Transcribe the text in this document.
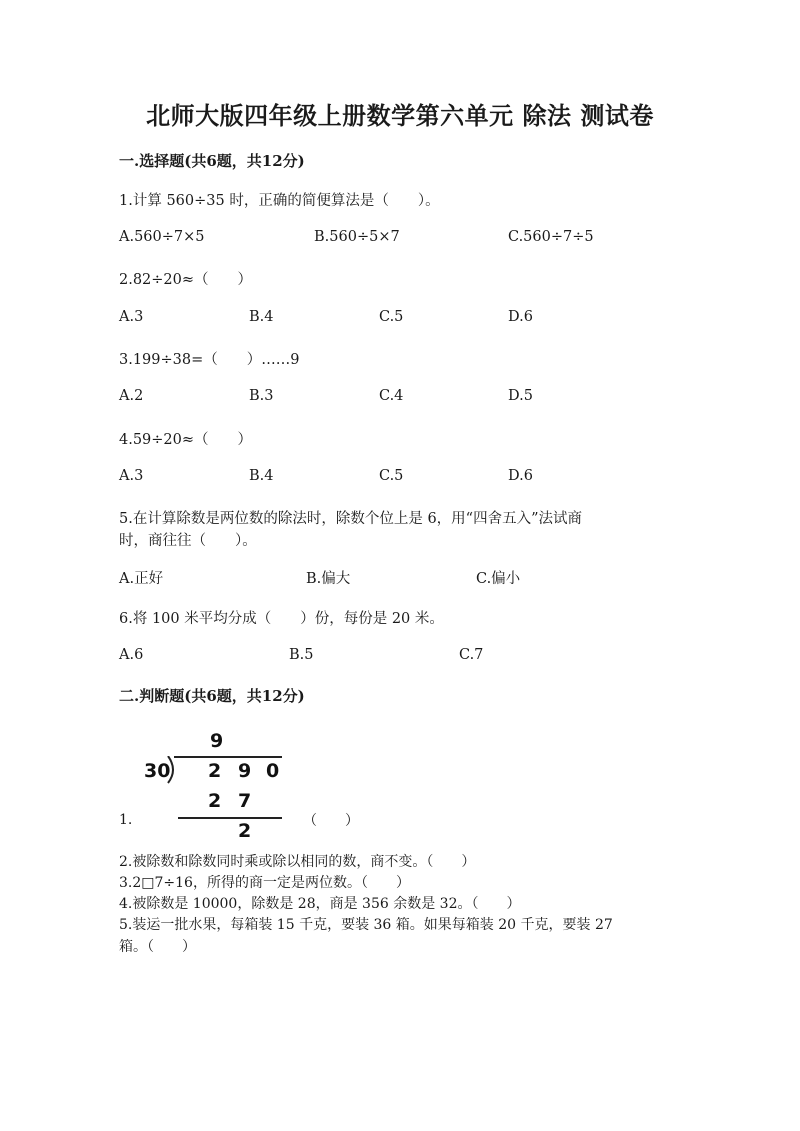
北师大版四年级上册数学第六单元 除法 测试卷
一.选择题(共6题，共12分)
1.计算 560÷35 时，正确的简便算法是（　　）。
A.560÷7×5	B.560÷5×7	C.560÷7÷5
2.82÷20≈（　　）
A.3	B.4	C.5	D.6
3.199÷38=（　　）……9
A.2	B.3	C.4	D.5
4.59÷20≈（　　）
A.3	B.4	C.5	D.6
5.在计算除数是两位数的除法时，除数个位上是 6，用“四舍五入”法试商
时，商往往（　　）。
A.正好	B.偏大	C.偏小
6.将 100 米平均分成（　　）份，每份是 20 米。
A.6	B.5	C.7
二.判断题(共6题，共12分)
9
30 2 9 0
2 7
2
1.	（　　）
2.被除数和除数同时乘或除以相同的数，商不变。（　　）
3.2□7÷16，所得的商一定是两位数。（　　）
4.被除数是 10000，除数是 28，商是 356 余数是 32。（　　）
5.装运一批水果，每箱装 15 千克，要装 36 箱。如果每箱装 20 千克，要装 27
箱。（　　）
